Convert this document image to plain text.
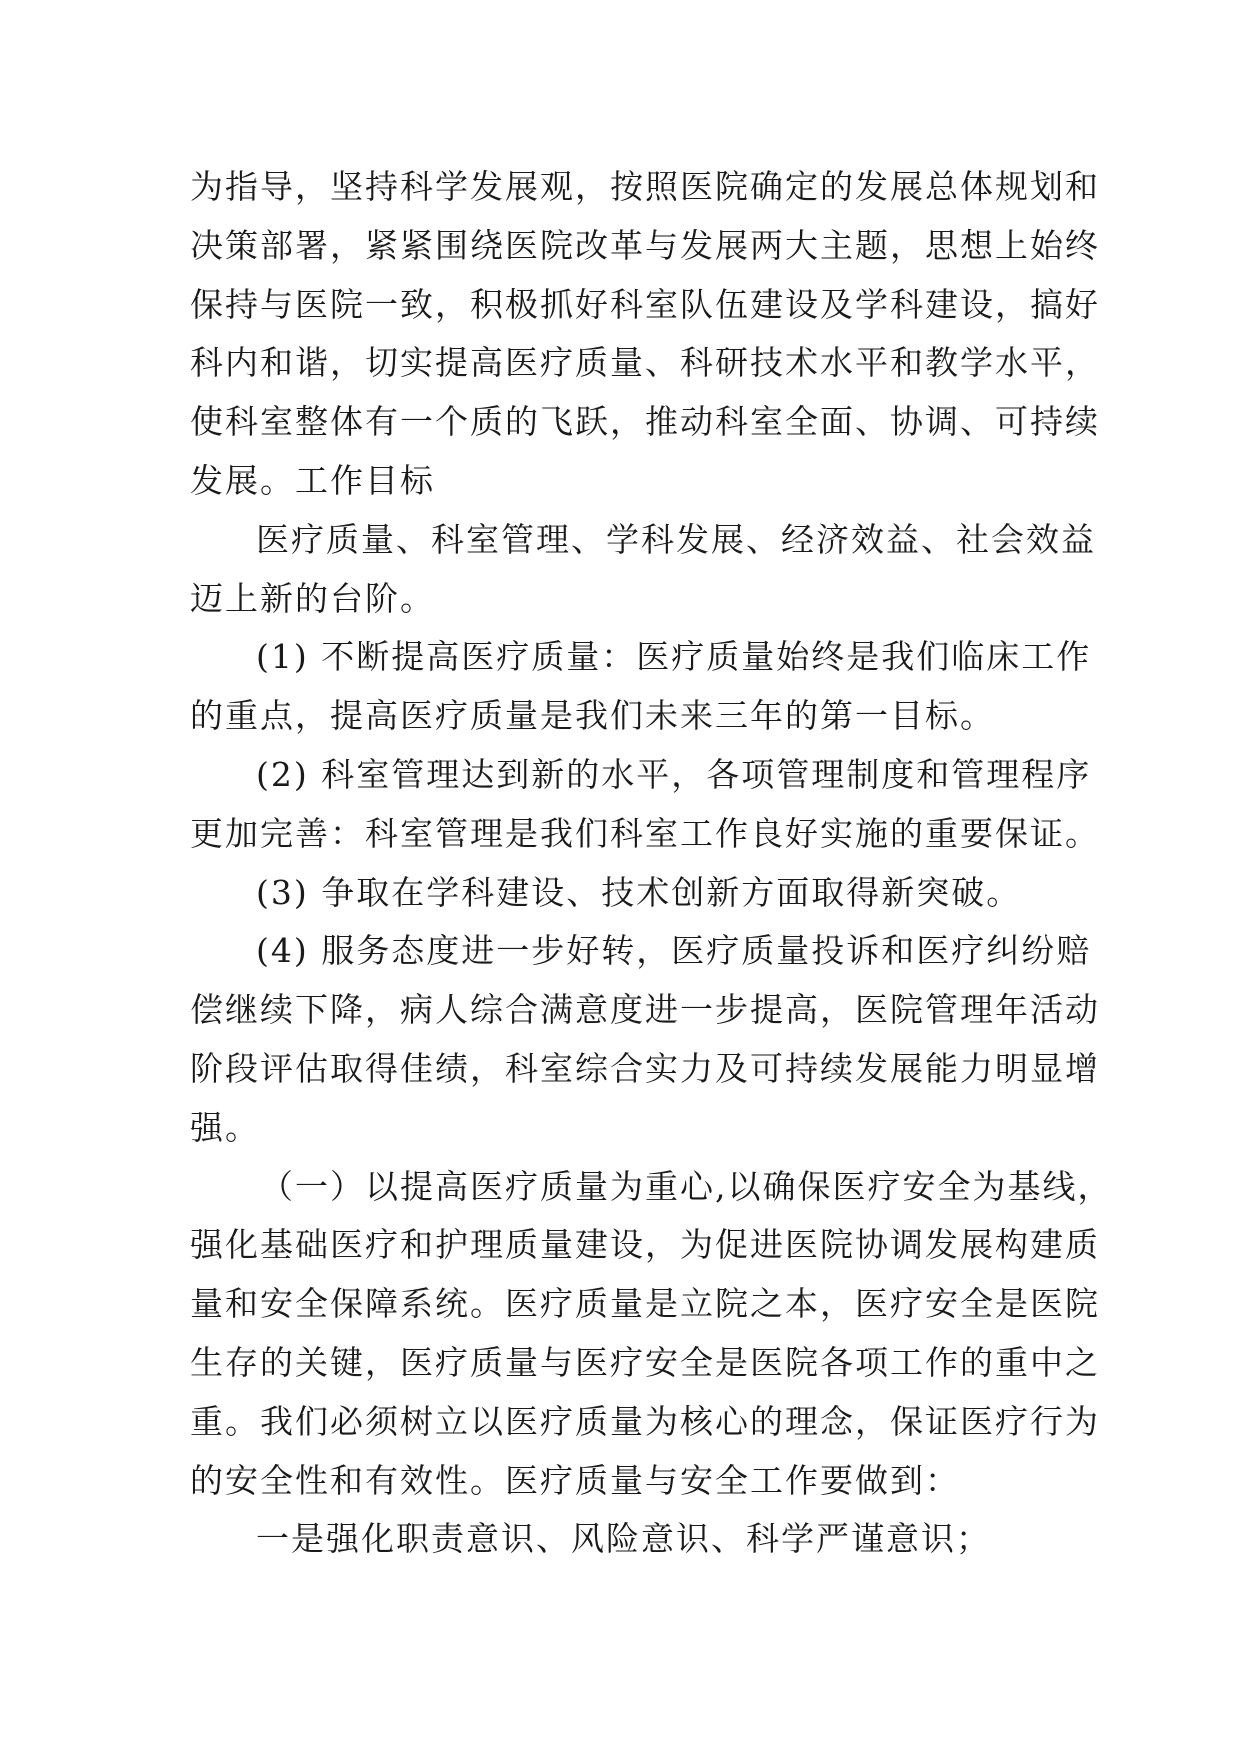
为指导，坚持科学发展观，按照医院确定的发展总体规划和
决策部署，紧紧围绕医院改革与发展两大主题，思想上始终
保持与医院一致，积极抓好科室队伍建设及学科建设，搞好
科内和谐，切实提高医疗质量、科研技术水平和教学水平，
使科室整体有一个质的飞跃，推动科室全面、协调、可持续
发展。工作目标
医疗质量、科室管理、学科发展、经济效益、社会效益
迈上新的台阶。
(1) 不断提高医疗质量：医疗质量始终是我们临床工作
的重点，提高医疗质量是我们未来三年的第一目标。
(2) 科室管理达到新的水平，各项管理制度和管理程序
更加完善：科室管理是我们科室工作良好实施的重要保证。
(3) 争取在学科建设、技术创新方面取得新突破。
(4) 服务态度进一步好转，医疗质量投诉和医疗纠纷赔
偿继续下降，病人综合满意度进一步提高，医院管理年活动
阶段评估取得佳绩，科室综合实力及可持续发展能力明显增
强。
（一）以提高医疗质量为重心,以确保医疗安全为基线，
强化基础医疗和护理质量建设，为促进医院协调发展构建质
量和安全保障系统。医疗质量是立院之本，医疗安全是医院
生存的关键，医疗质量与医疗安全是医院各项工作的重中之
重。我们必须树立以医疗质量为核心的理念，保证医疗行为
的安全性和有效性。医疗质量与安全工作要做到：
一是强化职责意识、风险意识、科学严谨意识；
